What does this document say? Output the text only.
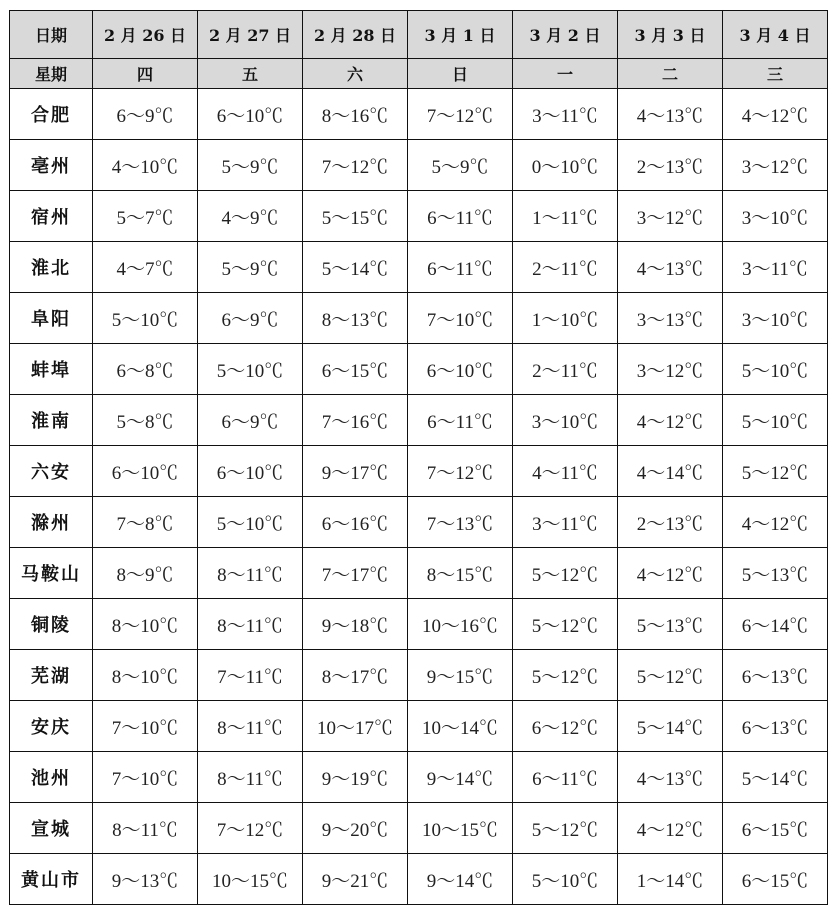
日期	2 月 26 日	2 月 27 日	2 月 28 日	3 月 1 日	3 月 2 日	3 月 3 日	3 月 4 日
星期	四	五	六	日	一	二	三
合肥	6～9℃	6～10℃	8～16℃	7～12℃	3～11℃	4～13℃	4～12℃
亳州	4～10℃	5～9℃	7～12℃	5～9℃	0～10℃	2～13℃	3～12℃
宿州	5～7℃	4～9℃	5～15℃	6～11℃	1～11℃	3～12℃	3～10℃
淮北	4～7℃	5～9℃	5～14℃	6～11℃	2～11℃	4～13℃	3～11℃
阜阳	5～10℃	6～9℃	8～13℃	7～10℃	1～10℃	3～13℃	3～10℃
蚌埠	6～8℃	5～10℃	6～15℃	6～10℃	2～11℃	3～12℃	5～10℃
淮南	5～8℃	6～9℃	7～16℃	6～11℃	3～10℃	4～12℃	5～10℃
六安	6～10℃	6～10℃	9～17℃	7～12℃	4～11℃	4～14℃	5～12℃
滁州	7～8℃	5～10℃	6～16℃	7～13℃	3～11℃	2～13℃	4～12℃
马鞍山	8～9℃	8～11℃	7～17℃	8～15℃	5～12℃	4～12℃	5～13℃
铜陵	8～10℃	8～11℃	9～18℃	10～16℃	5～12℃	5～13℃	6～14℃
芜湖	8～10℃	7～11℃	8～17℃	9～15℃	5～12℃	5～12℃	6～13℃
安庆	7～10℃	8～11℃	10～17℃	10～14℃	6～12℃	5～14℃	6～13℃
池州	7～10℃	8～11℃	9～19℃	9～14℃	6～11℃	4～13℃	5～14℃
宣城	8～11℃	7～12℃	9～20℃	10～15℃	5～12℃	4～12℃	6～15℃
黄山市	9～13℃	10～15℃	9～21℃	9～14℃	5～10℃	1～14℃	6～15℃
